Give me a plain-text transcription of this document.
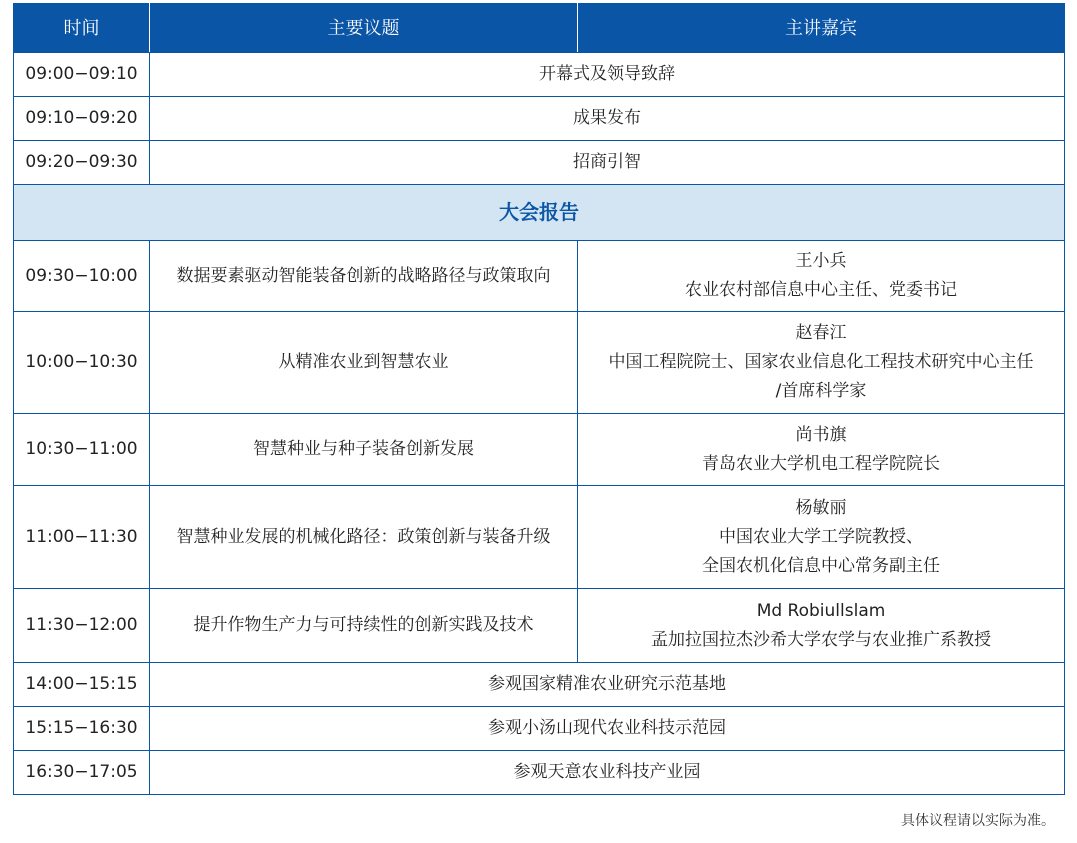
时间	主要议题	主讲嘉宾
09:00−09:10	开幕式及领导致辞	
09:10−09:20	成果发布	
09:20−09:30	招商引智	
大会报告		
09:30−10:00	数据要素驱动智能装备创新的战略路径与政策取向	王小兵
农业农村部信息中心主任、党委书记

10:00−10:30	从精准农业到智慧农业	赵春江
中国工程院院士、国家农业信息化工程技术研究中心主任
/首席科学家

10:30−11:00	智慧种业与种子装备创新发展	尚书旗
青岛农业大学机电工程学院院长

11:00−11:30	智慧种业发展的机械化路径：政策创新与装备升级	杨敏丽
中国农业大学工学院教授、
全国农机化信息中心常务副主任

11:30−12:00	提升作物生产力与可持续性的创新实践及技术	Md Robiullslam
孟加拉国拉杰沙希大学农学与农业推广系教授

14:00−15:15	参观国家精准农业研究示范基地	
15:15−16:30	参观小汤山现代农业科技示范园	
16:30−17:05	参观天意农业科技产业园	
具体议程请以实际为准。
